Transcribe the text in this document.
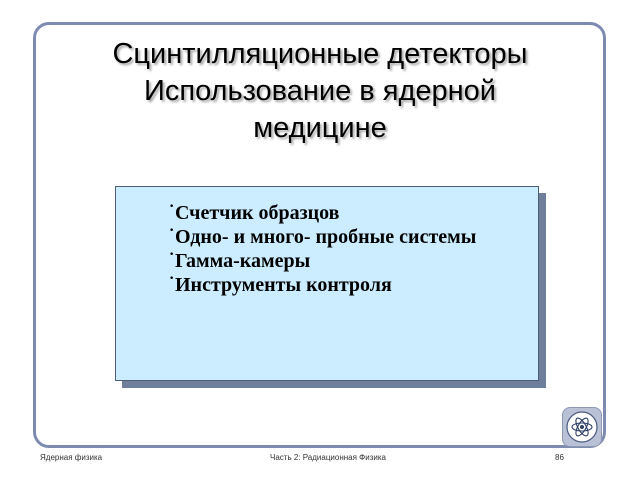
Сцинтилляционные детекторы
Использование в ядерной
медицине
· Счетчик образцов
· Одно- и много- пробные системы
· Гамма-камеры
· Инструменты контроля
Ядерная физика	Часть 2: Радиационная Физика	86
